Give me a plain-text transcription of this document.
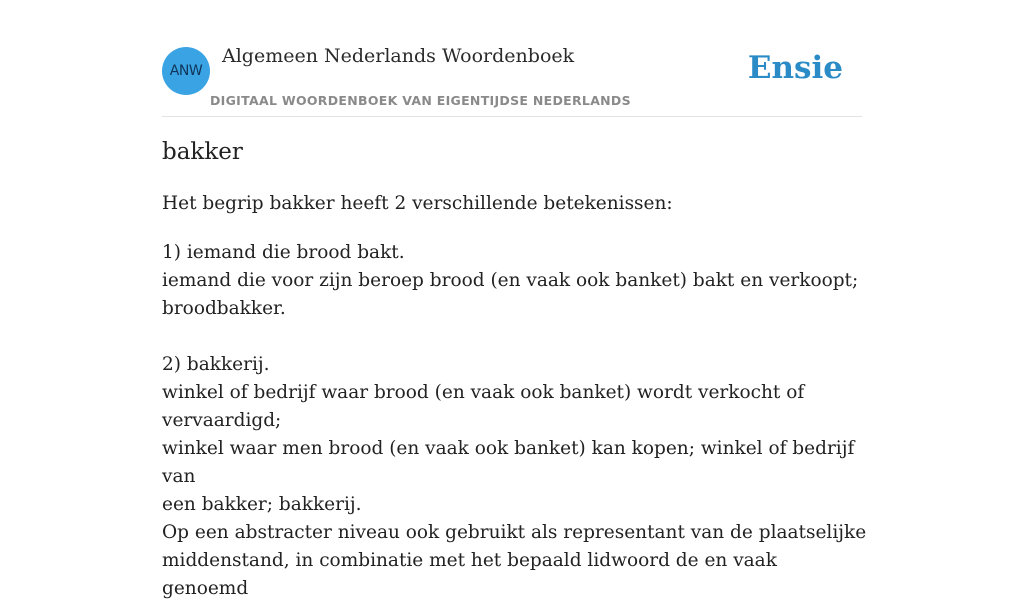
ANW
Algemeen Nederlands Woordenboek
DIGITAAL WOORDENBOEK VAN EIGENTIJDSE NEDERLANDS
Ensie
bakker

Het begrip bakker heeft 2 verschillende betekenissen:

1) iemand die brood bakt.

iemand die voor zijn beroep brood (en vaak ook banket) bakt en verkoopt;

broodbakker.

2) bakkerij.

winkel of bedrijf waar brood (en vaak ook banket) wordt verkocht of vervaardigd;

winkel waar men brood (en vaak ook banket) kan kopen; winkel of bedrijf van

een bakker; bakkerij.

Op een abstracter niveau ook gebruikt als representant van de plaatselijke

middenstand, in combinatie met het bepaald lidwoord de en vaak genoemd
